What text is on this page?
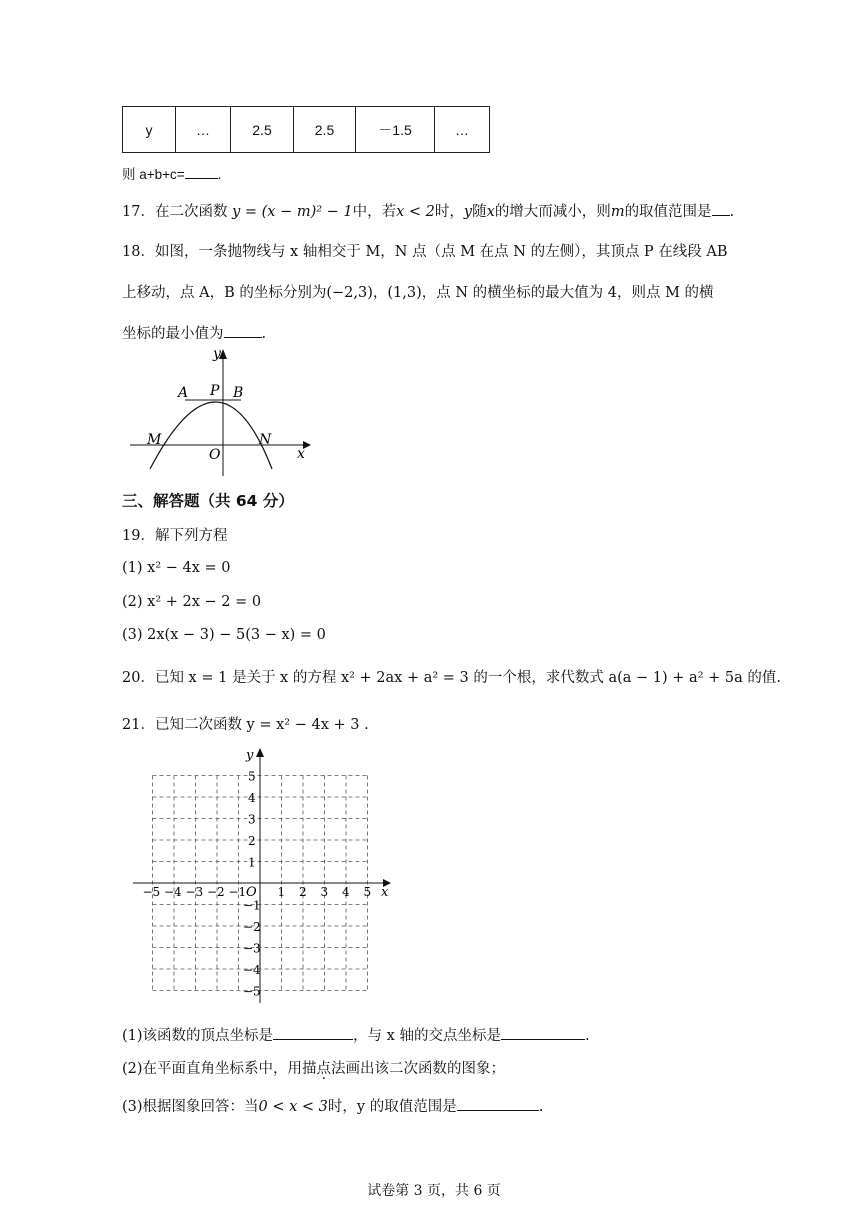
y	…	2.5	2.5	－1.5	…
则 a+b+c= .
17．在二次函数 y = (x − m)² − 1中，若x < 2时，y随x的增大而减小，则m的取值范围是 .
18．如图，一条抛物线与 x 轴相交于 M，N 点（点 M 在点 N 的左侧），其顶点 P 在线段 AB
上移动，点 A，B 的坐标分别为(−2,3)，(1,3)，点 N 的横坐标的最大值为 4，则点 M 的横
坐标的最小值为	.
y
x
A P B
M	N
O
三、解答题（共 64 分）
19．解下列方程
(1) x² − 4x = 0
(2) x² + 2x − 2 = 0
(3) 2x(x − 3) − 5(3 − x) = 0
20．已知 x = 1 是关于 x 的方程 x² + 2ax + a² = 3 的一个根，求代数式 a(a − 1) + a² + 5a 的值.
21．已知二次函数 y = x² − 4x + 3 .
y
x
O
−5 −4 −3 −2 −1	1 2 3 4 5
5
4
3
2
1
−1
−2
−3
−4
−5
(1)该函数的顶点坐标是	，与 x 轴的交点坐标是	.
(2)在平面直角坐标系中，用描点法画出该二次函数的图象；
(3)根据图象回答：当0 < x < 3时，y 的取值范围是	.
试卷第 3 页，共 6 页
